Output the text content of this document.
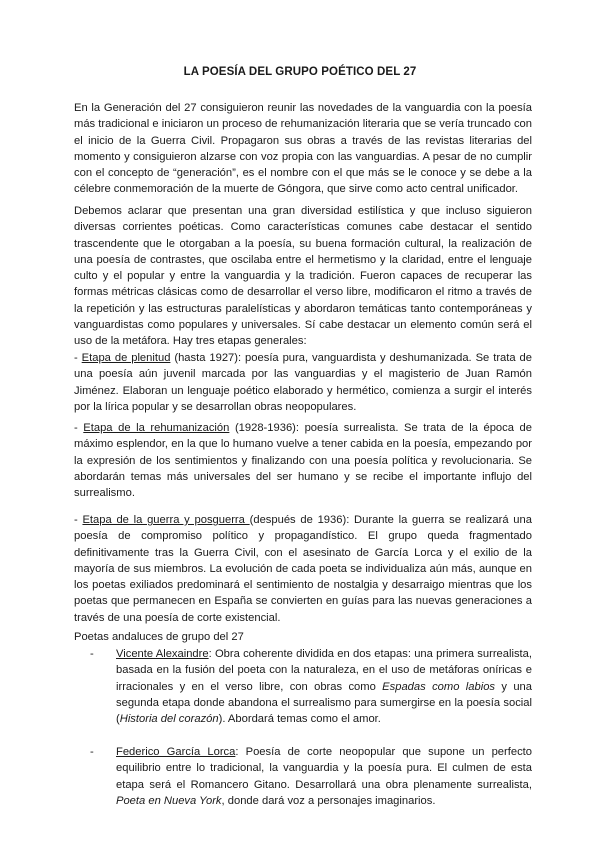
LA POESÍA DEL GRUPO POÉTICO DEL 27
En la Generación del 27 consiguieron reunir las novedades de la vanguardia con la poesía más tradicional e iniciaron un proceso de rehumanización literaria que se vería truncado con el inicio de la Guerra Civil. Propagaron sus obras a través de las revistas literarias del momento y consiguieron alzarse con voz propia con las vanguardias. A pesar de no cumplir con el concepto de “generación”, es el nombre con el que más se le conoce y se debe a la célebre conmemoración de la muerte de Góngora, que sirve como acto central unificador.
Debemos aclarar que presentan una gran diversidad estilística y que incluso siguieron diversas corrientes poéticas. Como características comunes cabe destacar el sentido trascendente que le otorgaban a la poesía, su buena formación cultural, la realización de una poesía de contrastes, que oscilaba entre el hermetismo y la claridad, entre el lenguaje culto y el popular y entre la vanguardia y la tradición. Fueron capaces de recuperar las formas métricas clásicas como de desarrollar el verso libre, modificaron el ritmo a través de la repetición y las estructuras paralelísticas y abordaron temáticas tanto contemporáneas y vanguardistas como populares y universales. Sí cabe destacar un elemento común será el uso de la metáfora. Hay tres etapas generales:
- Etapa de plenitud (hasta 1927): poesía pura, vanguardista y deshumanizada. Se trata de una poesía aún juvenil marcada por las vanguardias y el magisterio de Juan Ramón Jiménez. Elaboran un lenguaje poético elaborado y hermético, comienza a surgir el interés por la lírica popular y se desarrollan obras neopopulares.
- Etapa de la rehumanización (1928-1936): poesía surrealista. Se trata de la época de máximo esplendor, en la que lo humano vuelve a tener cabida en la poesía, empezando por la expresión de los sentimientos y finalizando con una poesía política y revolucionaria. Se abordarán temas más universales del ser humano y se recibe el importante influjo del surrealismo.
- Etapa de la guerra y posguerra (después de 1936): Durante la guerra se realizará una poesía de compromiso político y propagandístico. El grupo queda fragmentado definitivamente tras la Guerra Civil, con el asesinato de García Lorca y el exilio de la mayoría de sus miembros. La evolución de cada poeta se individualiza aún más, aunque en los poetas exiliados predominará el sentimiento de nostalgia y desarraigo mientras que los poetas que permanecen en España se convierten en guías para las nuevas generaciones a través de una poesía de corte existencial.
Poetas andaluces de grupo del 27
-	Vicente Alexaindre: Obra coherente dividida en dos etapas: una primera surrealista, basada en la fusión del poeta con la naturaleza, en el uso de metáforas oníricas e irracionales y en el verso libre, con obras como Espadas como labios y una segunda etapa donde abandona el surrealismo para sumergirse en la poesía social (Historia del corazón). Abordará temas como el amor.
-	Federico García Lorca: Poesía de corte neopopular que supone un perfecto equilibrio entre lo tradicional, la vanguardia y la poesía pura. El culmen de esta etapa será el Romancero Gitano. Desarrollará una obra plenamente surrealista, Poeta en Nueva York, donde dará voz a personajes imaginarios.
